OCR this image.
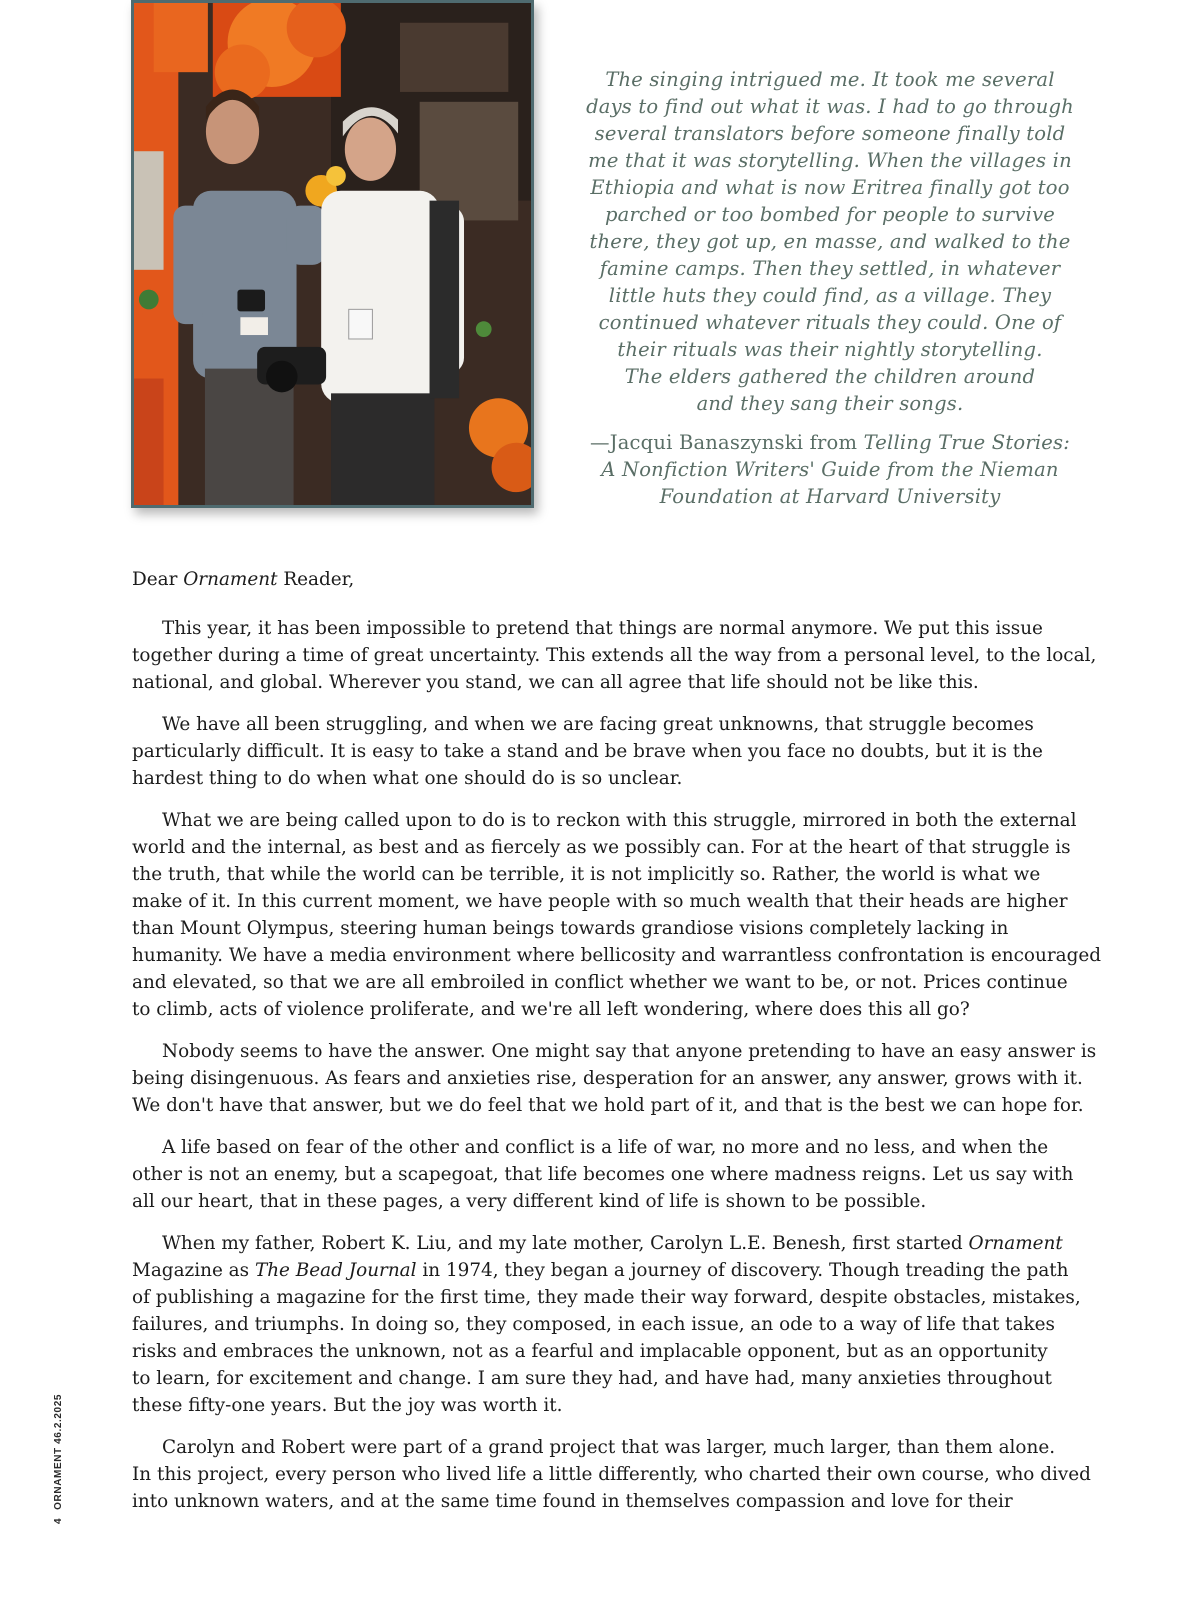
The singing intrigued me. It took me several
days to find out what it was. I had to go through
several translators before someone finally told
me that it was storytelling. When the villages in
Ethiopia and what is now Eritrea finally got too
parched or too bombed for people to survive
there, they got up, en masse, and walked to the
famine camps. Then they settled, in whatever
little huts they could find, as a village. They
continued whatever rituals they could. One of
their rituals was their nightly storytelling.
The elders gathered the children around
and they sang their songs.

—Jacqui Banaszynski from Telling True Stories:
A Nonfiction Writers' Guide from the Nieman
Foundation at Harvard University

Dear Ornament Reader,

This year, it has been impossible to pretend that things are normal anymore. We put this issue
together during a time of great uncertainty. This extends all the way from a personal level, to the local,
national, and global. Wherever you stand, we can all agree that life should not be like this.

We have all been struggling, and when we are facing great unknowns, that struggle becomes
particularly difficult. It is easy to take a stand and be brave when you face no doubts, but it is the
hardest thing to do when what one should do is so unclear.

What we are being called upon to do is to reckon with this struggle, mirrored in both the external
world and the internal, as best and as fiercely as we possibly can. For at the heart of that struggle is
the truth, that while the world can be terrible, it is not implicitly so. Rather, the world is what we
make of it. In this current moment, we have people with so much wealth that their heads are higher
than Mount Olympus, steering human beings towards grandiose visions completely lacking in
humanity. We have a media environment where bellicosity and warrantless confrontation is encouraged
and elevated, so that we are all embroiled in conflict whether we want to be, or not. Prices continue
to climb, acts of violence proliferate, and we're all left wondering, where does this all go?

Nobody seems to have the answer. One might say that anyone pretending to have an easy answer is
being disingenuous. As fears and anxieties rise, desperation for an answer, any answer, grows with it.
We don't have that answer, but we do feel that we hold part of it, and that is the best we can hope for.

A life based on fear of the other and conflict is a life of war, no more and no less, and when the
other is not an enemy, but a scapegoat, that life becomes one where madness reigns. Let us say with
all our heart, that in these pages, a very different kind of life is shown to be possible.

When my father, Robert K. Liu, and my late mother, Carolyn L.E. Benesh, first started Ornament
Magazine as The Bead Journal in 1974, they began a journey of discovery. Though treading the path
of publishing a magazine for the first time, they made their way forward, despite obstacles, mistakes,
failures, and triumphs. In doing so, they composed, in each issue, an ode to a way of life that takes
risks and embraces the unknown, not as a fearful and implacable opponent, but as an opportunity
to learn, for excitement and change. I am sure they had, and have had, many anxieties throughout
these fifty-one years. But the joy was worth it.

Carolyn and Robert were part of a grand project that was larger, much larger, than them alone.
In this project, every person who lived life a little differently, who charted their own course, who dived
into unknown waters, and at the same time found in themselves compassion and love for their

4ORNAMENT 46.2.2025
